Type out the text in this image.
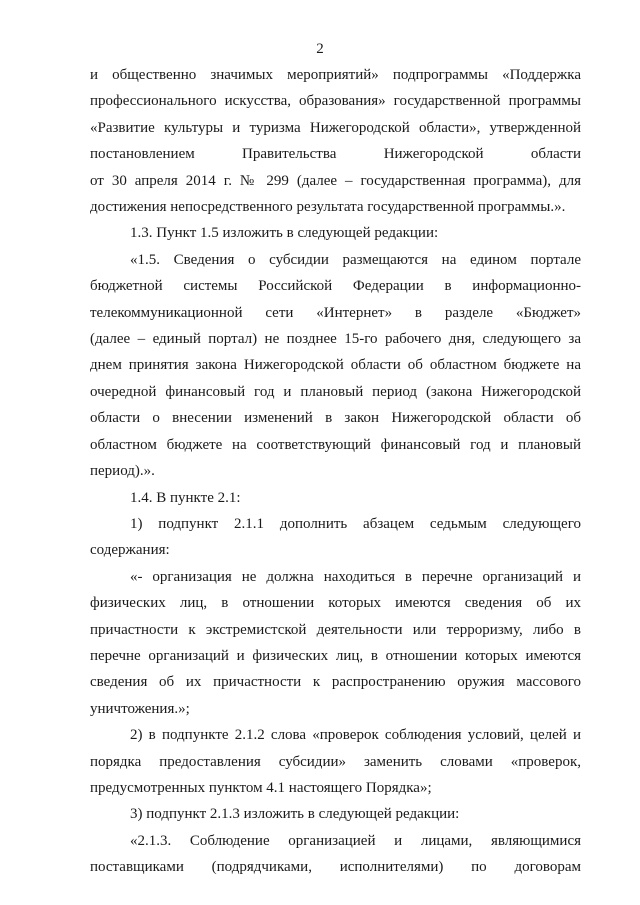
2
и общественно значимых мероприятий» подпрограммы «Поддержка
профессионального искусства, образования» государственной программы
«Развитие культуры и туризма Нижегородской области», утвержденной
постановлением Правительства Нижегородской области
от 30 апреля 2014 г. № 299 (далее – государственная программа), для
достижения непосредственного результата государственной программы.».
1.3. Пункт 1.5 изложить в следующей редакции:
«1.5. Сведения о субсидии размещаются на едином портале
бюджетной системы Российской Федерации в информационно-
телекоммуникационной сети «Интернет» в разделе «Бюджет»
(далее – единый портал) не позднее 15-го рабочего дня, следующего за
днем принятия закона Нижегородской области об областном бюджете на
очередной финансовый год и плановый период (закона Нижегородской
области о внесении изменений в закон Нижегородской области об
областном бюджете на соответствующий финансовый год и плановый
период).».
1.4. В пункте 2.1:
1) подпункт 2.1.1 дополнить абзацем седьмым следующего
содержания:
«- организация не должна находиться в перечне организаций и
физических лиц, в отношении которых имеются сведения об их
причастности к экстремистской деятельности или терроризму, либо в
перечне организаций и физических лиц, в отношении которых имеются
сведения об их причастности к распространению оружия массового
уничтожения.»;
2) в подпункте 2.1.2 слова «проверок соблюдения условий, целей и
порядка предоставления субсидии» заменить словами «проверок,
предусмотренных пунктом 4.1 настоящего Порядка»;
3) подпункт 2.1.3 изложить в следующей редакции:
«2.1.3. Соблюдение организацией и лицами, являющимися
поставщиками (подрядчиками, исполнителями) по договорам
